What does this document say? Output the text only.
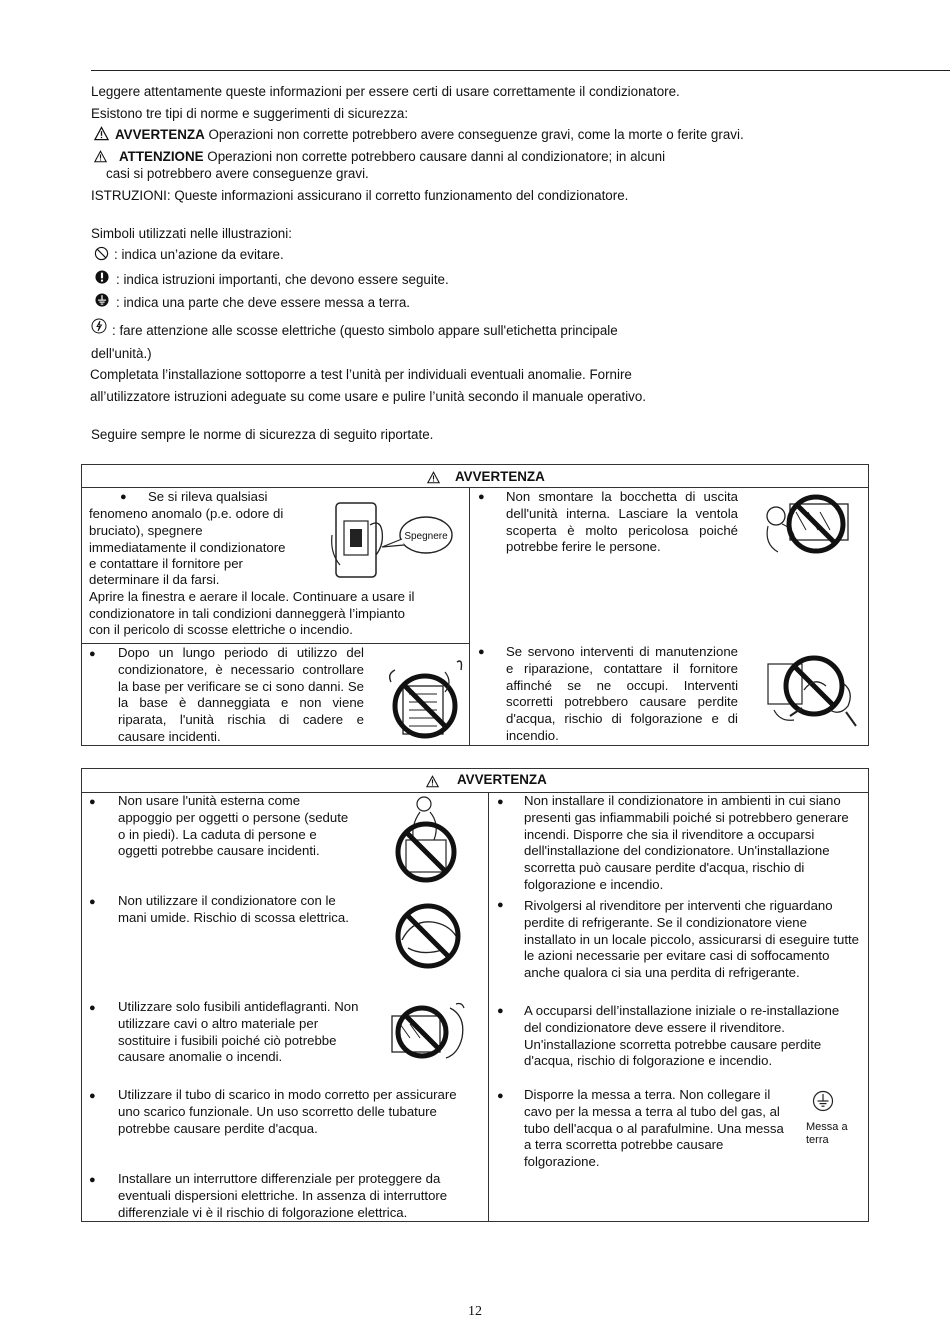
Leggere attentamente queste informazioni per essere certi di usare correttamente il condizionatore.
Esistono tre tipi di norme e suggerimenti di sicurezza:
AVVERTENZA Operazioni non corrette potrebbero avere conseguenze gravi, come la morte o ferite gravi.
ATTENZIONE Operazioni non corrette potrebbero causare danni al condizionatore; in alcuni
casi si potrebbero avere conseguenze gravi.
ISTRUZIONI: Queste informazioni assicurano il corretto funzionamento del condizionatore.
Simboli utilizzati nelle illustrazioni:
: indica un’azione da evitare.
: indica istruzioni importanti, che devono essere seguite.
: indica una parte che deve essere messa a terra.
: fare attenzione alle scosse elettriche (questo simbolo appare sull'etichetta principale
dell'unità.)
Completata l’installazione sottoporre a test l’unità per individuali eventuali anomalie. Fornire
all’utilizzatore istruzioni adeguate su come usare e pulire l’unità secondo il manuale operativo.
Seguire sempre le norme di sicurezza di seguito riportate.
AVVERTENZA
● Se si rileva qualsiasi
fenomeno anomalo (p.e. odore di
bruciato), spegnere
immediatamente il condizionatore
e contattare il fornitore per
determinare il da farsi.
Aprire la finestra e aerare il locale. Continuare a usare il
condizionatore in tali condizioni danneggerà l’impianto
con il pericolo di scosse elettriche o incendio.
Spegnere
● Dopo un lungo periodo di utilizzo del condizionatore, è necessario controllare la base per verificare se ci sono danni. Se la base è danneggiata e non viene riparata, l'unità rischia di cadere e causare incidenti.
● Non smontare la bocchetta di uscita dell'unità interna. Lasciare la ventola scoperta è molto pericolosa poiché potrebbe ferire le persone.
● Se servono interventi di manutenzione e riparazione, contattare il fornitore affinché se ne occupi. Interventi scorretti potrebbero causare perdite d'acqua, rischio di folgorazione e di incendio.
AVVERTENZA
● Non usare l'unità esterna come appoggio per oggetti o persone (sedute o in piedi). La caduta di persone e oggetti potrebbe causare incidenti.
● Non utilizzare il condizionatore con le mani umide. Rischio di scossa elettrica.
● Utilizzare solo fusibili antideflagranti. Non utilizzare cavi o altro materiale per sostituire i fusibili poiché ciò potrebbe causare anomalie o incendi.
● Utilizzare il tubo di scarico in modo corretto per assicurare uno scarico funzionale. Un uso scorretto delle tubature potrebbe causare perdite d'acqua.
● Installare un interruttore differenziale per proteggere da eventuali dispersioni elettriche. In assenza di interruttore differenziale vi è il rischio di folgorazione elettrica.
● Non installare il condizionatore in ambienti in cui siano presenti gas infiammabili poiché si potrebbero generare incendi. Disporre che sia il rivenditore a occuparsi dell'installazione del condizionatore. Un'installazione scorretta può causare perdite d'acqua, rischio di folgorazione e incendio.
● Rivolgersi al rivenditore per interventi che riguardano perdite di refrigerante. Se il condizionatore viene installato in un locale piccolo, assicurarsi di eseguire tutte le azioni necessarie per evitare casi di soffocamento anche qualora ci sia una perdita di refrigerante.
● A occuparsi dell’installazione iniziale o re-installazione del condizionatore deve essere il rivenditore. Un'installazione scorretta potrebbe causare perdite d'acqua, rischio di folgorazione e incendio.
● Disporre la messa a terra. Non collegare il cavo per la messa a terra al tubo del gas, al tubo dell'acqua o al parafulmine. Una messa a terra scorretta potrebbe causare folgorazione.
Messa a
terra
12
